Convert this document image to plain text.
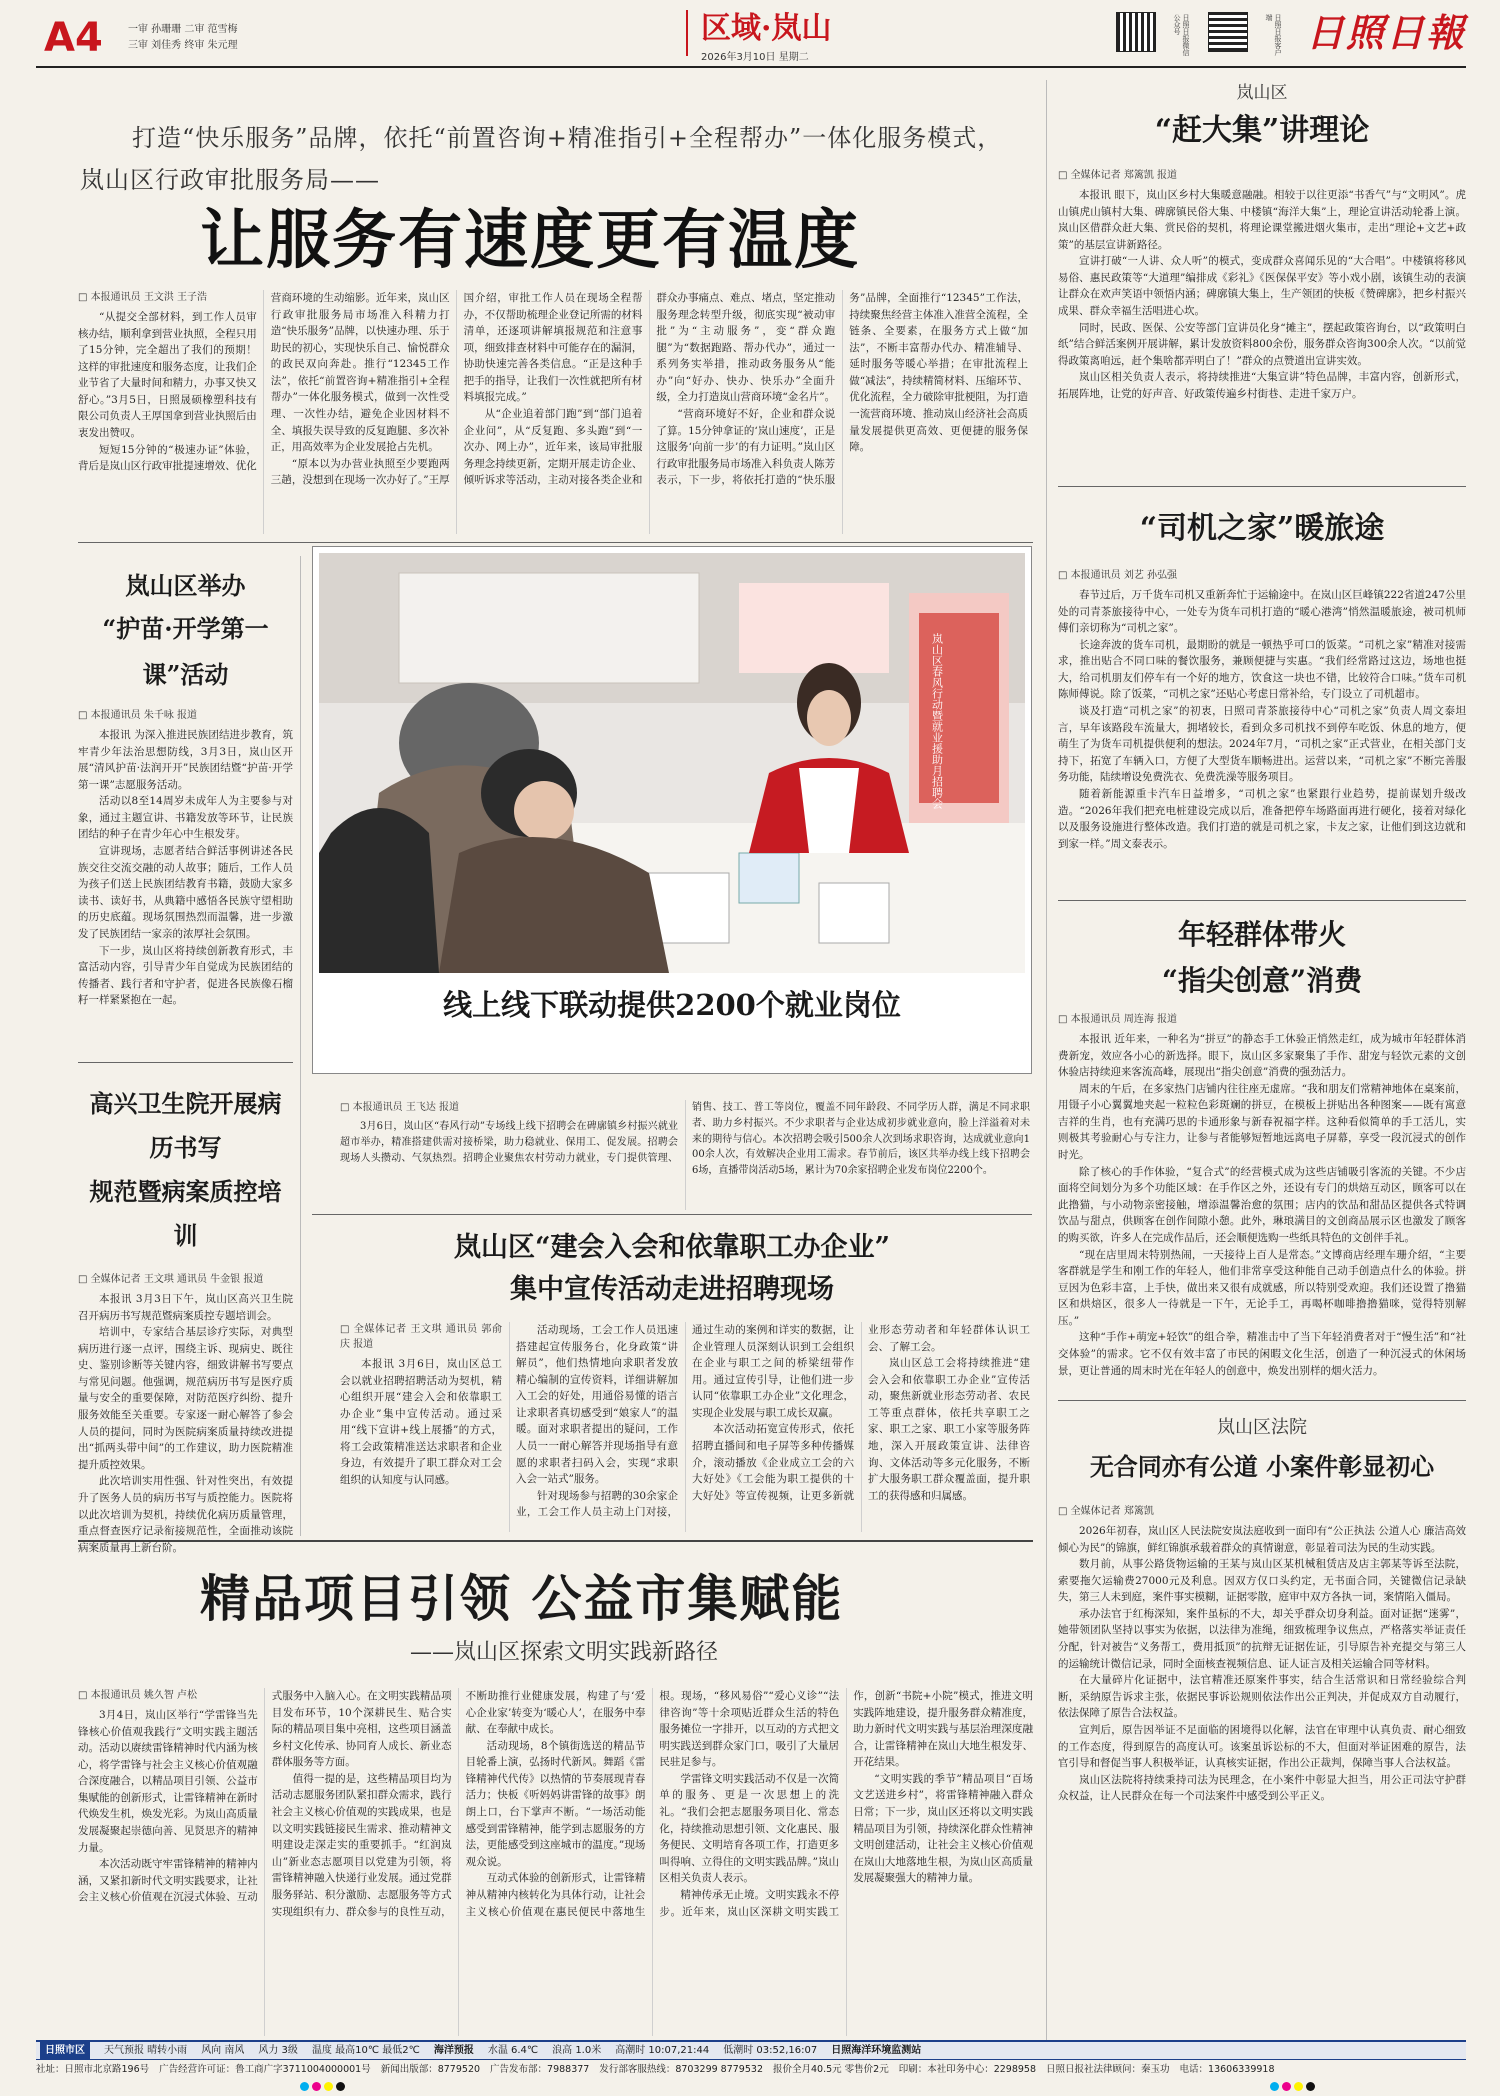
A4	一审 孙珊珊 二审 范雪梅
三审 刘佳秀 终审 朱元理	区域·岚山
2026年3月10日 星期二
日照日报微信公众号	日照日报客户端 日照日報
打造“快乐服务”品牌，依托“前置咨询+精准指引+全程帮办”一体化服务模式，
岚山区行政审批服务局——
让服务有速度更有温度
□ 本报通讯员 王文洪 王子浩

“从提交全部材料，到工作人员审核办结，顺利拿到营业执照，全程只用了15分钟，完全超出了我们的预期！这样的审批速度和服务态度，让我们企业节省了大量时间和精力，办事又快又舒心。”3月5日，日照晟硕橡塑科技有限公司负责人王厚国拿到营业执照后由衷发出赞叹。

短短15分钟的“极速办证”体验，背后是岚山区行政审批提速增效、优化营商环境的生动缩影。近年来，岚山区行政审批服务局市场准入科精力打造“快乐服务”品牌，以快速办理、乐于助民的初心，实现快乐自己、愉悦群众的政民双向奔赴。推行“12345工作法”，依托“前置咨询+精准指引+全程帮办”一体化服务模式，做到一次性受理、一次性办结，避免企业因材料不全、填报失误导致的反复跑腿、多次补正，用高效率为企业发展抢占先机。

“原本以为办营业执照至少要跑两三趟，没想到在现场一次办好了。”王厚国介绍，审批工作人员在现场全程帮办，不仅帮助梳理企业登记所需的材料清单，还逐项讲解填报规范和注意事项，细致排查材料中可能存在的漏洞，协助快速完善各类信息。“正是这种手把手的指导，让我们一次性就把所有材料填报完成。”

从“企业追着部门跑”到“部门追着企业问”，从“反复跑、多头跑”到“一次办、网上办”，近年来，该局审批服务理念持续更新，定期开展走访企业、倾听诉求等活动，主动对接各类企业和群众办事痛点、难点、堵点，坚定推动服务理念转型升级，彻底实现“被动审批”为“主动服务”，变“群众跑腿”为“数据跑路、帮办代办”，通过一系列务实举措，推动政务服务从“能办”向“好办、快办、快乐办”全面升级，全力打造岚山营商环境“金名片”。

“营商环境好不好，企业和群众说了算。15分钟拿证的‘岚山速度’，正是这服务‘向前一步’的有力证明。”岚山区行政审批服务局市场准入科负责人陈芳表示，下一步，将依托打造的“快乐服务”品牌，全面推行“12345”工作法，持续聚焦经营主体准入准营全流程，全链条、全要素，在服务方式上做“加法”，不断丰富帮办代办、精准辅导、延时服务等暖心举措；在审批流程上做“减法”，持续精简材料、压缩环节、优化流程，全力破除审批梗阻，为打造一流营商环境、推动岚山经济社会高质量发展提供更高效、更便捷的服务保障。

岚山区举办
“护苗·开学第一课”活动
□ 本报通讯员 朱千咏 报道

本报讯 为深入推进民族团结进步教育，筑牢青少年法治思想防线，3月3日，岚山区开展“清风护苗·法润开开”民族团结暨“护苗·开学第一课”志愿服务活动。

活动以8至14周岁未成年人为主要参与对象，通过主题宣讲、书籍发放等环节，让民族团结的种子在青少年心中生根发芽。

宣讲现场，志愿者结合鲜活事例讲述各民族交往交流交融的动人故事；随后，工作人员为孩子们送上民族团结教育书籍，鼓励大家多读书、读好书，从典籍中感悟各民族守望相助的历史底蕴。现场氛围热烈而温馨，进一步激发了民族团结一家亲的浓厚社会氛围。

下一步，岚山区将持续创新教育形式，丰富活动内容，引导青少年自觉成为民族团结的传播者、践行者和守护者，促进各民族像石榴籽一样紧紧抱在一起。

高兴卫生院开展病历书写
规范暨病案质控培训
□ 全媒体记者 王文琪 通讯员 牛金银 报道

本报讯 3月3日下午，岚山区高兴卫生院召开病历书写规范暨病案质控专题培训会。

培训中，专家结合基层诊疗实际，对典型病历进行逐一点评，围绕主诉、现病史、既往史、鉴别诊断等关键内容，细致讲解书写要点与常见问题。他强调，规范病历书写是医疗质量与安全的重要保障，对防范医疗纠纷、提升服务效能至关重要。专家逐一耐心解答了参会人员的提问，同时为医院病案质量持续改进提出“抓两头带中间”的工作建议，助力医院精准提升质控效果。

此次培训实用性强、针对性突出，有效提升了医务人员的病历书写与质控能力。医院将以此次培训为契机，持续优化病历质量管理，重点督查医疗记录衔接规范性，全面推动该院病案质量再上新台阶。

岚山区春风行动暨就业援助月招聘会
线上线下联动提供2200个就业岗位
□ 本报通讯员 王飞达 报道

3月6日，岚山区“春风行动”专场线上线下招聘会在碑廓镇乡村振兴就业超市举办，精准搭建供需对接桥梁，助力稳就业、保用工、促发展。招聘会现场人头攒动、气氛热烈。招聘企业聚焦农村劳动力就业，专门提供管理、销售、技工、普工等岗位，覆盖不同年龄段、不同学历人群，满足不同求职者、助力乡村振兴。不少求职者与企业达成初步就业意向，脸上洋溢着对未来的期待与信心。本次招聘会吸引500余人次到场求职咨询，达成就业意向100余人次，有效解决企业用工需求。春节前后，该区共举办线上线下招聘会6场，直播带岗活动5场，累计为70余家招聘企业发布岗位2200个。

岚山区“建会入会和依靠职工办企业”
集中宣传活动走进招聘现场
□ 全媒体记者 王文琪 通讯员 郭俞庆 报道

本报讯 3月6日，岚山区总工会以就业招聘招聘活动为契机，精心组织开展“建会入会和依靠职工办企业”集中宣传活动。通过采用“线下宣讲+线上展播”的方式，将工会政策精准送达求职者和企业身边，有效提升了职工群众对工会组织的认知度与认同感。

活动现场，工会工作人员迅速搭建起宣传服务台，化身政策“讲解员”，他们热情地向求职者发放精心编制的宣传资料，详细讲解加入工会的好处，用通俗易懂的语言让求职者真切感受到“娘家人”的温暖。面对求职者提出的疑问，工作人员一一耐心解答并现场指导有意愿的求职者扫码入会，实现“求职入会一站式”服务。

针对现场参与招聘的30余家企业，工会工作人员主动上门对接，通过生动的案例和详实的数据，让企业管理人员深刻认识到工会组织在企业与职工之间的桥梁纽带作用。通过宣传引导，让他们进一步认同“依靠职工办企业”文化理念，实现企业发展与职工成长双赢。

本次活动拓宽宣传形式，依托招聘直播间和电子屏等多种传播媒介，滚动播放《企业成立工会的六大好处》《工会能为职工提供的十大好处》等宣传视频，让更多新就业形态劳动者和年轻群体认识工会、了解工会。

岚山区总工会将持续推进“建会入会和依靠职工办企业”宣传活动，聚焦新就业形态劳动者、农民工等重点群体，依托共享职工之家、职工之家、职工小家等服务阵地，深入开展政策宣讲、法律咨询、文体活动等多元化服务，不断扩大服务职工群众覆盖面，提升职工的获得感和归属感。

岚山区
“赶大集”讲理论
□ 全媒体记者 郑篱凯 报道

本报讯 眼下，岚山区乡村大集暖意融融。相较于以往更添“书香气”与“文明风”。虎山镇虎山镇村大集、碑廓镇民俗大集、中楼镇“海洋大集”上，理论宣讲活动轮番上演。岚山区借群众赶大集、赏民俗的契机，将理论课堂搬进烟火集市，走出“理论+文艺+政策”的基层宣讲新路径。

宣讲打破“一人讲、众人听”的模式，变成群众喜闻乐见的“大合唱”。中楼镇将移风易俗、惠民政策等“大道理”编排成《彩礼》《医保保平安》等小戏小剧，该镇生动的表演让群众在欢声笑语中领悟内涵；碑廓镇大集上，生产领团的快板《赞碑廓》，把乡村振兴成果、群众幸福生活唱进心坎。

同时，民政、医保、公安等部门宣讲员化身“摊主”，摆起政策咨询台，以“政策明白纸”结合鲜活案例开展讲解，累计发放资料800余份，服务群众咨询300余人次。“以前觉得政策离咱远，赶个集啥都弄明白了！”群众的点赞道出宣讲实效。

岚山区相关负责人表示，将持续推进“大集宣讲”特色品牌，丰富内容，创新形式，拓展阵地，让党的好声音、好政策传遍乡村街巷、走进千家万户。

“司机之家”暖旅途
□ 本报通讯员 刘艺 孙弘强

春节过后，万千货车司机又重新奔忙于运输途中。在岚山区巨峰镇222省道247公里处的司青茶旅接待中心，一处专为货车司机打造的“暖心港湾”悄然温暖旅途，被司机师傅们亲切称为“司机之家”。

长途奔波的货车司机，最期盼的就是一顿热乎可口的饭菜。“司机之家”精准对接需求，推出贴合不同口味的餐饮服务，兼顾便捷与实惠。“我们经常路过这边，场地也挺大，给司机朋友们停车有一个好的地方，饮食这一块也不错，比较符合口味。”货车司机陈师傅说。除了饭菜，“司机之家”还贴心考虑日常补给，专门设立了司机超市。

谈及打造“司机之家”的初衷，日照司青茶旅接待中心“司机之家”负责人周文泰坦言，早年该路段车流量大，拥堵较长，看到众多司机找不到停车吃饭、休息的地方，便萌生了为货车司机提供便利的想法。2024年7月，“司机之家”正式营业，在相关部门支持下，拓宽了车辆入口，方便了大型货车顺畅进出。运营以来，“司机之家”不断完善服务功能，陆续增设免费洗衣、免费洗澡等服务项目。

随着新能源重卡汽车日益增多，“司机之家”也紧跟行业趋势，提前谋划升级改造。“2026年我们把充电桩建设完成以后，准备把停车场路面再进行硬化，接着对绿化以及服务设施进行整体改造。我们打造的就是司机之家，卡友之家，让他们到这边就和到家一样。”周文泰表示。

年轻群体带火
“指尖创意”消费
□ 本报通讯员 周连海 报道

本报讯 近年来，一种名为“拼豆”的静态手工休验正悄然走红，成为城市年轻群体消费新宠，效应各小心的新选择。眼下，岚山区多家聚集了手作、甜宠与轻饮元素的文创休验店持续迎来客流高峰，展现出“指尖创意”消费的强劲活力。

周末的午后，在多家热门店铺内往往座无虚席。“我和朋友们常精神地体在桌案前，用镊子小心翼翼地夹起一粒粒色彩斑斓的拼豆，在模板上拼贴出各种图案——既有寓意吉祥的生肖，也有充满巧思的卡通形象与新春祝福字样。这种看似简单的手工活儿，实则极其考验耐心与专注力，让参与者能够短暂地远离电子屏幕，享受一段沉浸式的创作时光。

除了核心的手作体验，“复合式”的经营模式成为这些店铺吸引客流的关键。不少店面将空间划分为多个功能区域：在手作区之外，还设有专门的烘焙互动区，顾客可以在此撸猫，与小动物亲密接触，增添温馨治愈的氛围；店内的饮品和甜品区提供各式特调饮品与甜点，供顾客在创作间隙小憩。此外，琳琅满目的文创商品展示区也激发了顾客的购买欲，许多人在完成作品后，还会顺便选购一些纸具特色的文创伴手礼。

“现在店里周末特别热闹，一天接待上百人是常态。”文博商店经理车珊介绍，“主要客群就是学生和刚工作的年轻人，他们非常享受这种能自己动手创造点什么的体验。拼豆因为色彩丰富，上手快，做出来又很有成就感，所以特别受欢迎。我们还设置了撸猫区和烘焙区，很多人一待就是一下午，无论手工，再喝杯咖啡撸撸猫咪，觉得特别解压。”

这种“手作+萌宠+轻饮”的组合拳，精准击中了当下年轻消费者对于“慢生活”和“社交体验”的需求。它不仅有效丰富了市民的闲暇文化生活，创造了一种沉浸式的休闲场景，更让普通的周末时光在年轻人的创意中，焕发出别样的烟火活力。

岚山区法院
无合同亦有公道 小案件彰显初心
□ 全媒体记者 郑篱凯

2026年初春，岚山区人民法院安岚法庭收到一面印有“公正执法 公道人心 廉洁高效 倾心为民”的锦旗，鲜红锦旗承载着群众的真情谢意，彰显着司法为民的生动实践。

数月前，从事公路货物运输的王某与岚山区某机械租赁店及店主郭某等诉至法院，索要拖欠运输费27000元及利息。因双方仅口头约定，无书面合同，关键微信记录缺失，第三人未到庭，案件事实模糊，证据零散，庭审中双方各执一词，案情陷入僵局。

承办法官于红梅深知，案件虽标的不大，却关乎群众切身利益。面对证据“迷雾”，她带领团队坚持以事实为依据，以法律为准绳，细致梳理争议焦点，严格落实举证责任分配，针对被告“义务帮工，费用抵顶”的抗辩无证据佐证，引导原告补充提交与第三人的运输统计微信记录，同时全面核查视频信息、证人证言及相关运输合同等材料。

在大量碎片化证据中，法官精准还原案件事实，结合生活常识和日常经验综合判断，采纳原告诉求主张，依据民事诉讼规则依法作出公正判决，并促成双方自动履行，依法保障了原告合法权益。

宣判后，原告因举证不足面临的困境得以化解，法官在审理中认真负责、耐心细致的工作态度，得到原告的高度认可。该案虽诉讼标的不大，但面对举证困难的原告，法官引导和督促当事人积极举证，认真核实证据，作出公正裁判，保障当事人合法权益。

岚山区法院将持续秉持司法为民理念，在小案件中彰显大担当，用公正司法守护群众权益，让人民群众在每一个司法案件中感受到公平正义。

精品项目引领 公益市集赋能
——岚山区探索文明实践新路径
□ 本报通讯员 姚久智 卢松

3月4日，岚山区举行“学雷锋当先锋核心价值观我践行”文明实践主题活动。活动以赓续雷锋精神时代内涵为核心，将学雷锋与社会主义核心价值观融合深度融合，以精品项目引领、公益市集赋能的创新形式，让雷锋精神在新时代焕发生机，焕发光彩。为岚山高质量发展凝聚起崇德向善、见贤思齐的精神力量。

本次活动既守牢雷锋精神的精神内涵，又紧扣新时代文明实践要求，让社会主义核心价值观在沉浸式体验、互动式服务中入脑入心。在文明实践精品项目发布环节，10个深耕民生、贴合实际的精品项目集中亮相，这些项目涵盖乡村文化传承、协同育人成长、新业态群体服务等方面。

值得一提的是，这些精品项目均为活动志愿服务团队紧扣群众需求，践行社会主义核心价值观的实践成果，也是以文明实践链接民生需求、推动精神文明建设走深走实的重要抓手。“红润岚山”新业态志愿项目以党建为引领，将雷锋精神融入快递行业发展。通过党群服务驿站、积分激励、志愿服务等方式实现组织有力、群众参与的良性互动，不断助推行业健康发展，构建了与‘爱心企业家’转变为‘暖心人’，在服务中奉献、在奉献中成长。

活动现场，8个镇街选送的精品节目轮番上演，弘扬时代新风。舞蹈《雷锋精神代代传》以热情的节奏展现青春活力；快板《听妈妈讲雷锋的故事》朗朗上口，台下掌声不断。“一场活动能感受到雷锋精神，能学到志愿服务的方法，更能感受到这座城市的温度。”现场观众说。

互动式体验的创新形式，让雷锋精神从精神内核转化为具体行动，让社会主义核心价值观在惠民便民中落地生根。现场，“移风易俗”“爱心义诊”“法律咨询”等十余项贴近群众生活的特色服务摊位一字排开，以互动的方式把文明实践送到群众家门口，吸引了大量居民驻足参与。

学雷锋文明实践活动不仅是一次简单的服务、更是一次思想上的洗礼。“我们会把志愿服务项目化、常态化，持续推动思想引领、文化惠民、服务便民、文明培育各项工作，打造更多叫得响、立得住的文明实践品牌。”岚山区相关负责人表示。

精神传承无止境。文明实践永不停步。近年来，岚山区深耕文明实践工作，创新“书院+小院”模式，推进文明实践阵地建设，提升服务群众精准度，助力新时代文明实践与基层治理深度融合，让雷锋精神在岚山大地生根发芽、开花结果。

“文明实践的季节”精品项目“百场文艺送进乡村”，将雷锋精神融入群众日常；下一步，岚山区还将以文明实践精品项目为引领，持续深化群众性精神文明创建活动，让社会主义核心价值观在岚山大地落地生根，为岚山区高质量发展凝聚强大的精神力量。

日照市区	天气预报 晴转小雨 风向 南风 风力 3级 温度 最高10℃ 最低2℃ 海洋预报 水温 6.4℃ 浪高 1.0米 高潮时 10:07,21:44 低潮时 03:52,16:07 日照海洋环境监测站
社址：日照市北京路196号 广告经营许可证：鲁工商广字3711004000001号 新闻出版部：8779520 广告发布部：7988377 发行部客服热线：8703299 8779532 报价全月40.5元 零售价2元 印刷：本社印务中心：2298958 日照日报社法律顾问：秦玉功 电话：13606339918
